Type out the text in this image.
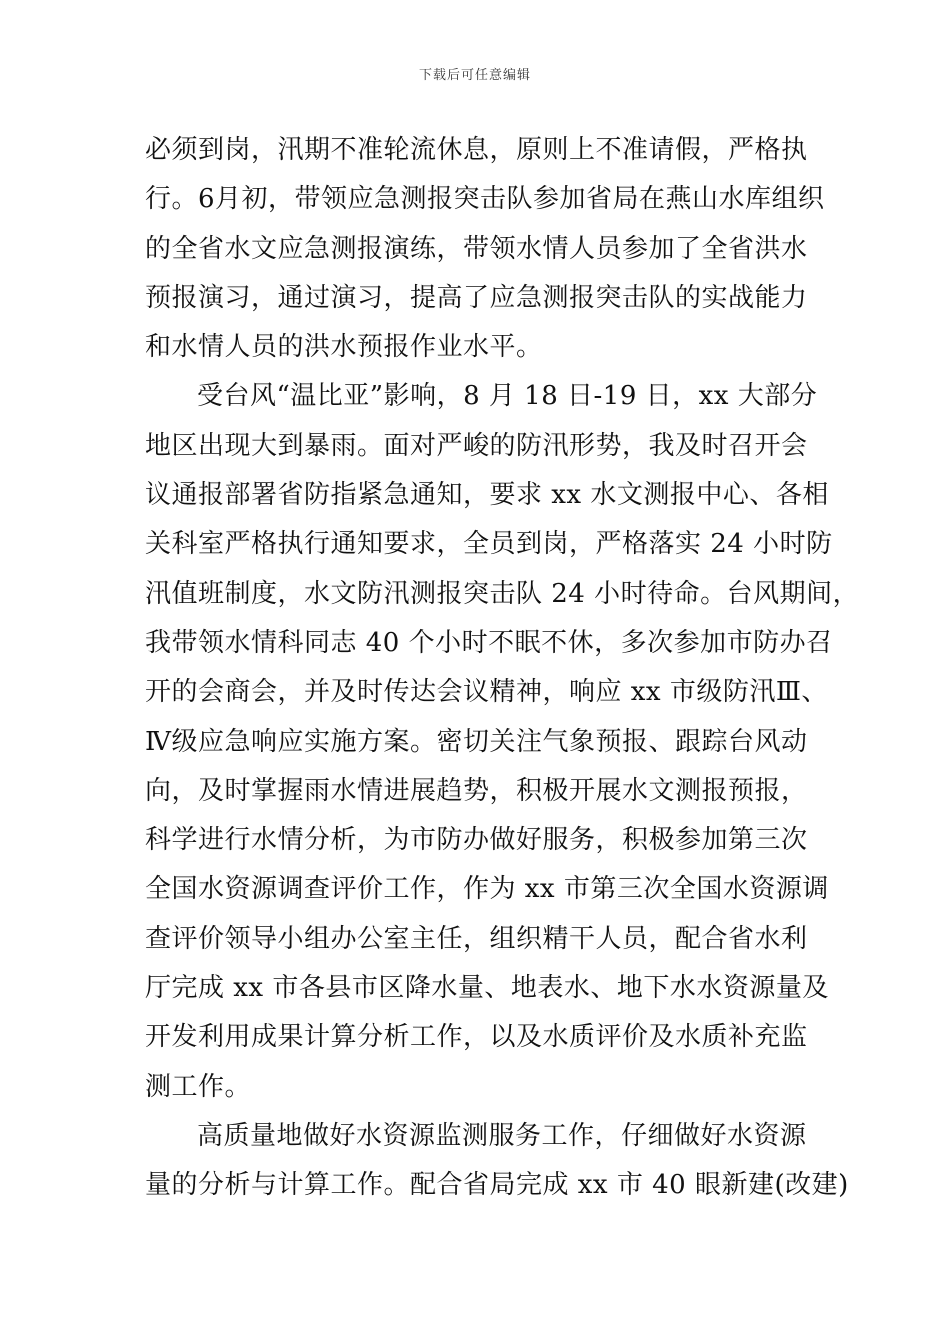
下载后可任意编辑
必须到岗，汛期不准轮流休息，原则上不准请假，严格执
行。6月初，带领应急测报突击队参加省局在燕山水库组织
的全省水文应急测报演练，带领水情人员参加了全省洪水
预报演习，通过演习，提高了应急测报突击队的实战能力
和水情人员的洪水预报作业水平。
受台风“温比亚”影响，8 月 18 日-19 日，xx 大部分
地区出现大到暴雨。面对严峻的防汛形势，我及时召开会
议通报部署省防指紧急通知，要求 xx 水文测报中心、各相
关科室严格执行通知要求，全员到岗，严格落实 24 小时防
汛值班制度，水文防汛测报突击队 24 小时待命。台风期间，
我带领水情科同志 40 个小时不眠不休，多次参加市防办召
开的会商会，并及时传达会议精神，响应 xx 市级防汛Ⅲ、
Ⅳ级应急响应实施方案。密切关注气象预报、跟踪台风动
向，及时掌握雨水情进展趋势，积极开展水文测报预报，
科学进行水情分析，为市防办做好服务，积极参加第三次
全国水资源调查评价工作，作为 xx 市第三次全国水资源调
查评价领导小组办公室主任，组织精干人员，配合省水利
厅完成 xx 市各县市区降水量、地表水、地下水水资源量及
开发利用成果计算分析工作，以及水质评价及水质补充监
测工作。
高质量地做好水资源监测服务工作，仔细做好水资源
量的分析与计算工作。配合省局完成 xx 市 40 眼新建(改建)
